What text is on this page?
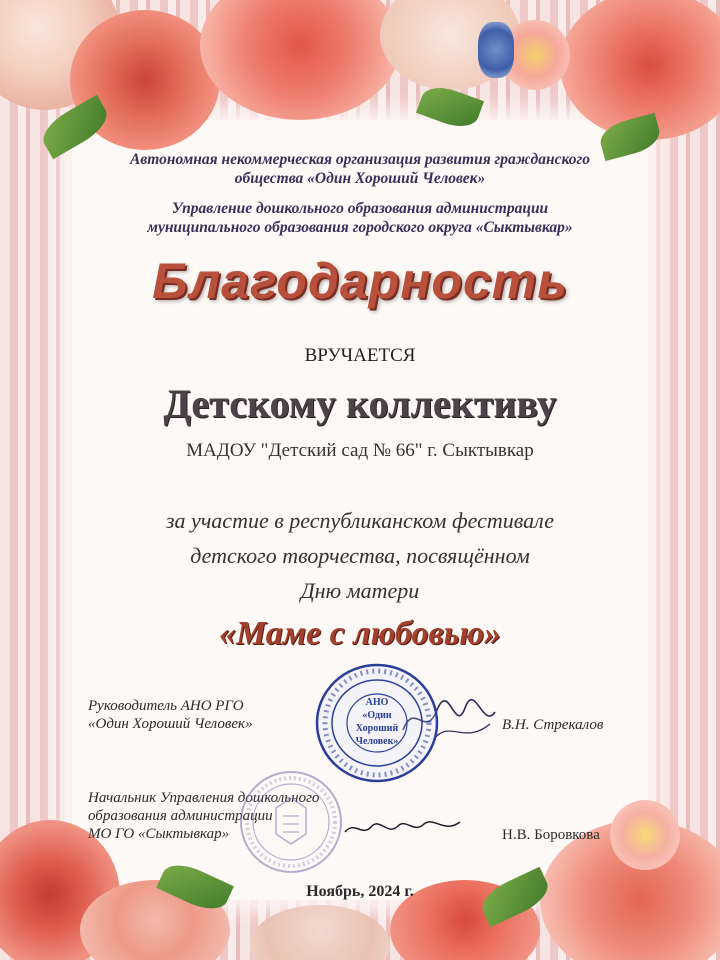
Автономная некоммерческая организация развития гражданского
общества «Один Хороший Человек»
Управление дошкольного образования администрации
муниципального образования городского округа «Сыктывкар»
Благодарность
ВРУЧАЕТСЯ
Детскому коллективу
МАДОУ "Детский сад № 66" г. Сыктывкар
за участие в республиканском фестивале
детского творчества, посвящённом
Дню матери
«Маме с любовью»
Руководитель АНО РГО
«Один Хороший Человек»	В.Н. Стрекалов
Начальник Управления дошкольного
образования администрации
МО ГО «Сыктывкар»	Н.В. Боровкова
АНО
«Один
Хороший
Человек»
Ноябрь, 2024 г.
